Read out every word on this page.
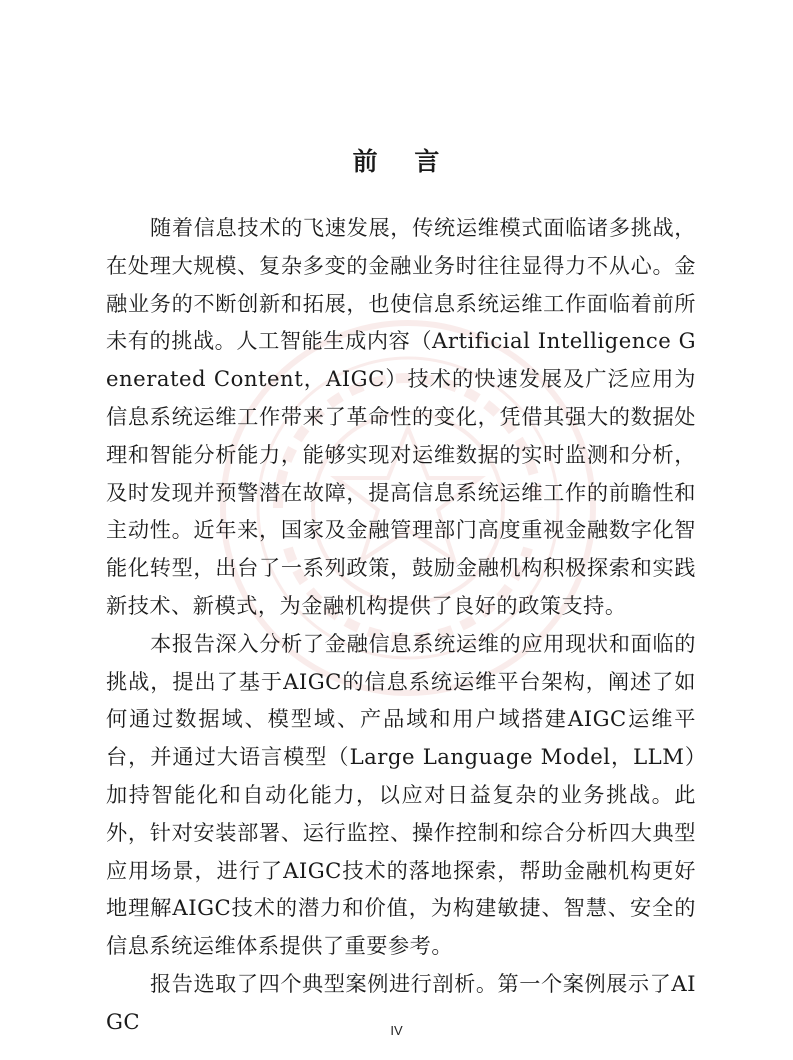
前 言

随着信息技术的飞速发展，传统运维模式面临诸多挑战，在处理大规模、复杂多变的金融业务时往往显得力不从心。金融业务的不断创新和拓展，也使信息系统运维工作面临着前所未有的挑战。人工智能生成内容（Artificial Intelligence Generated Content，AIGC）技术的快速发展及广泛应用为信息系统运维工作带来了革命性的变化，凭借其强大的数据处理和智能分析能力，能够实现对运维数据的实时监测和分析，及时发现并预警潜在故障，提高信息系统运维工作的前瞻性和主动性。近年来，国家及金融管理部门高度重视金融数字化智能化转型，出台了一系列政策，鼓励金融机构积极探索和实践新技术、新模式，为金融机构提供了良好的政策支持。

本报告深入分析了金融信息系统运维的应用现状和面临的挑战，提出了基于AIGC的信息系统运维平台架构，阐述了如何通过数据域、模型域、产品域和用户域搭建AIGC运维平台，并通过大语言模型（Large Language Model，LLM）加持智能化和自动化能力，以应对日益复杂的业务挑战。此外，针对安装部署、运行监控、操作控制和综合分析四大典型应用场景，进行了AIGC技术的落地探索，帮助金融机构更好地理解AIGC技术的潜力和价值，为构建敏捷、智慧、安全的信息系统运维体系提供了重要参考。

报告选取了四个典型案例进行剖析。第一个案例展示了AIGC	IV
